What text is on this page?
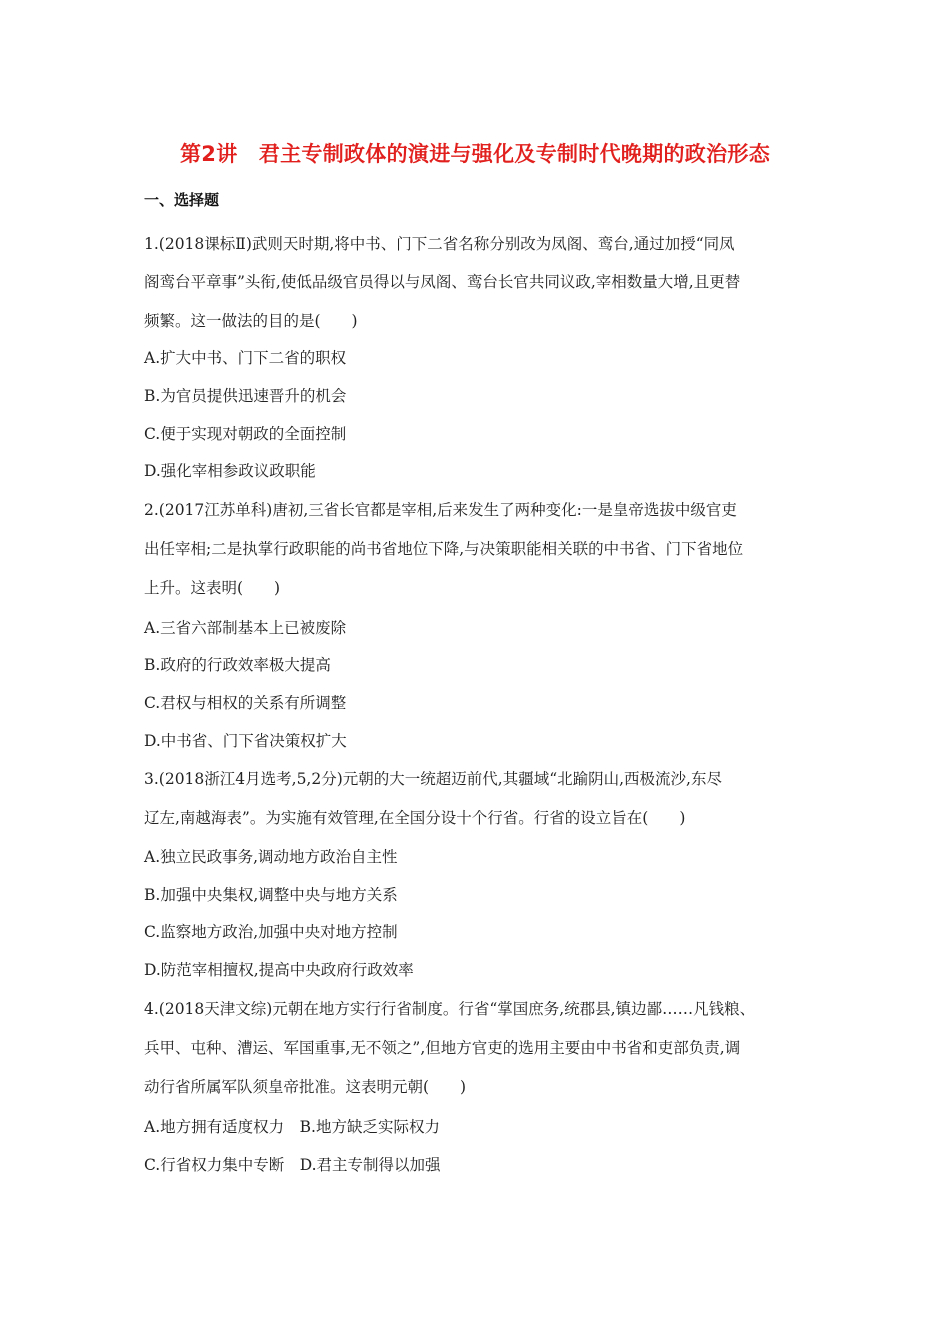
第2讲　君主专制政体的演进与强化及专制时代晚期的政治形态
一、选择题
1.(2018课标Ⅱ)武则天时期,将中书、门下二省名称分别改为凤阁、鸾台,通过加授“同凤
阁鸾台平章事”头衔,使低品级官员得以与凤阁、鸾台长官共同议政,宰相数量大增,且更替
频繁。这一做法的目的是(　　)
A.扩大中书、门下二省的职权
B.为官员提供迅速晋升的机会
C.便于实现对朝政的全面控制
D.强化宰相参政议政职能
2.(2017江苏单科)唐初,三省长官都是宰相,后来发生了两种变化:一是皇帝选拔中级官吏
出任宰相;二是执掌行政职能的尚书省地位下降,与决策职能相关联的中书省、门下省地位
上升。这表明(　　)
A.三省六部制基本上已被废除
B.政府的行政效率极大提高
C.君权与相权的关系有所调整
D.中书省、门下省决策权扩大
3.(2018浙江4月选考,5,2分)元朝的大一统超迈前代,其疆域“北踰阴山,西极流沙,东尽
辽左,南越海表”。为实施有效管理,在全国分设十个行省。行省的设立旨在(　　)
A.独立民政事务,调动地方政治自主性
B.加强中央集权,调整中央与地方关系
C.监察地方政治,加强中央对地方控制
D.防范宰相擅权,提高中央政府行政效率
4.(2018天津文综)元朝在地方实行行省制度。行省“掌国庶务,统郡县,镇边鄙……凡钱粮、
兵甲、屯种、漕运、军国重事,无不领之”,但地方官吏的选用主要由中书省和吏部负责,调
动行省所属军队须皇帝批准。这表明元朝(　　)
A.地方拥有适度权力　B.地方缺乏实际权力
C.行省权力集中专断　D.君主专制得以加强
